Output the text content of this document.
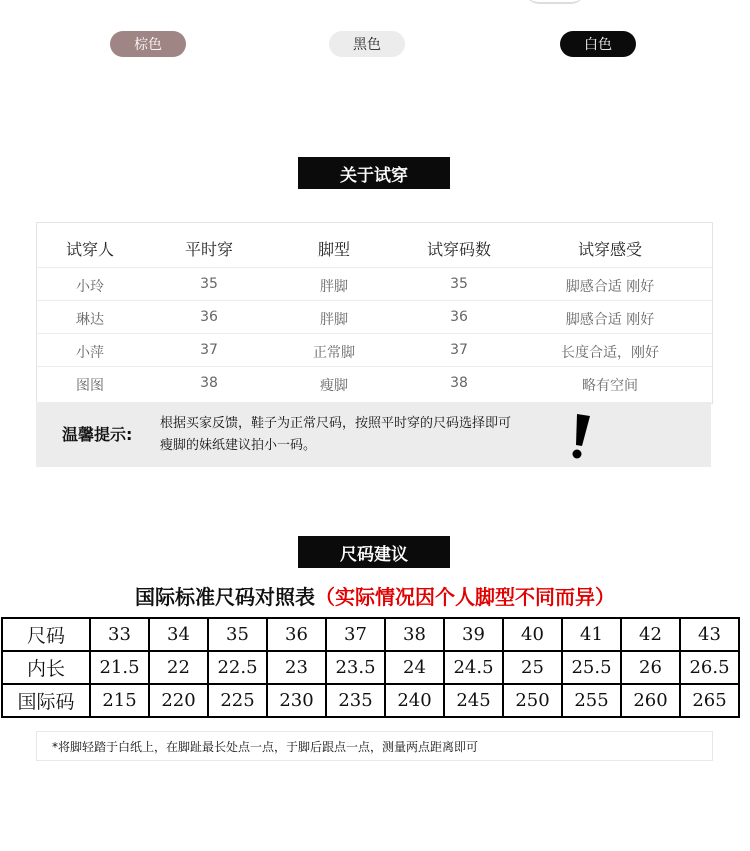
棕色	黑色	白色
关于试穿
试穿人	平时穿	脚型	试穿码数	试穿感受
小玲	35	胖脚	35	脚感合适 刚好
琳达	36	胖脚	36	脚感合适 刚好
小萍	37	正常脚	37	长度合适，刚好
图图	38	瘦脚	38	略有空间
温馨提示:
根据买家反馈，鞋子为正常尺码，按照平时穿的尺码选择即可
瘦脚的妹纸建议拍小一码。
尺码建议
国际标准尺码对照表（实际情况因个人脚型不同而异）
尺码	33	34	35	36	37	38	39	40	41	42	43
内长	21.5	22	22.5	23	23.5	24	24.5	25	25.5	26	26.5
国际码	215	220	225	230	235	240	245	250	255	260	265
*将脚轻踏于白纸上，在脚趾最长处点一点，于脚后跟点一点，测量两点距离即可
